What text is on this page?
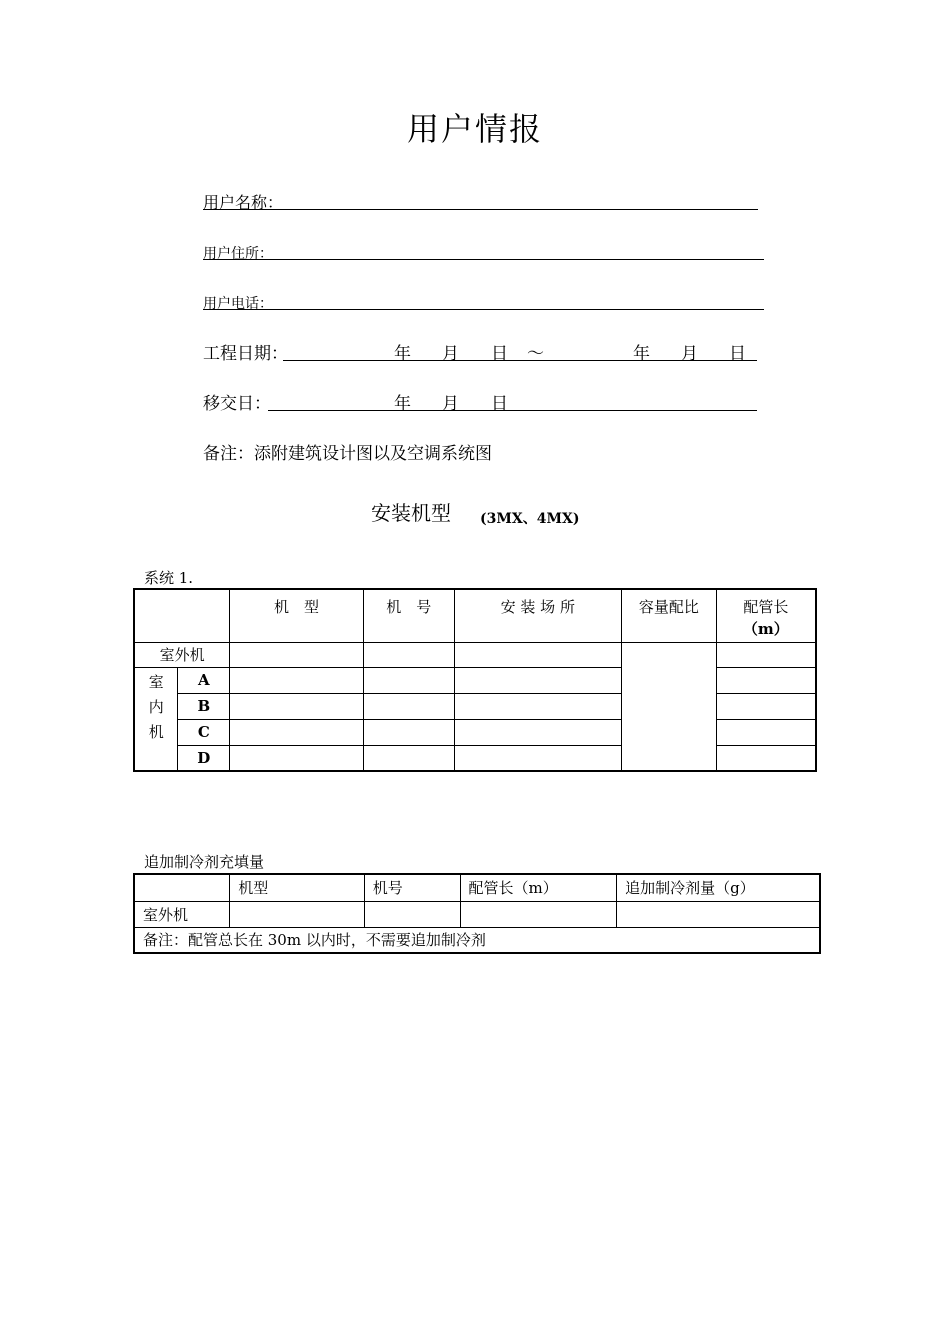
用户情报
用户名称：
用户住所：
用户电话：
工程日期：	年 月 日 ～	年 月 日
移交日：	年 月 日
备注：添附建筑设计图以及空调系统图
安装机型 (3MX、4MX)
系统 1.
		机　型	机　号	安 装 场 所	容量配比	配管长
（m）

室外机						

室
内
机	A					
	B					
	C					
	D					
追加制冷剂充填量
	机型	机号	配管长（m）	追加制冷剂量（g）
室外机				
备注：配管总长在 30m 以内时，不需要追加制冷剂				
